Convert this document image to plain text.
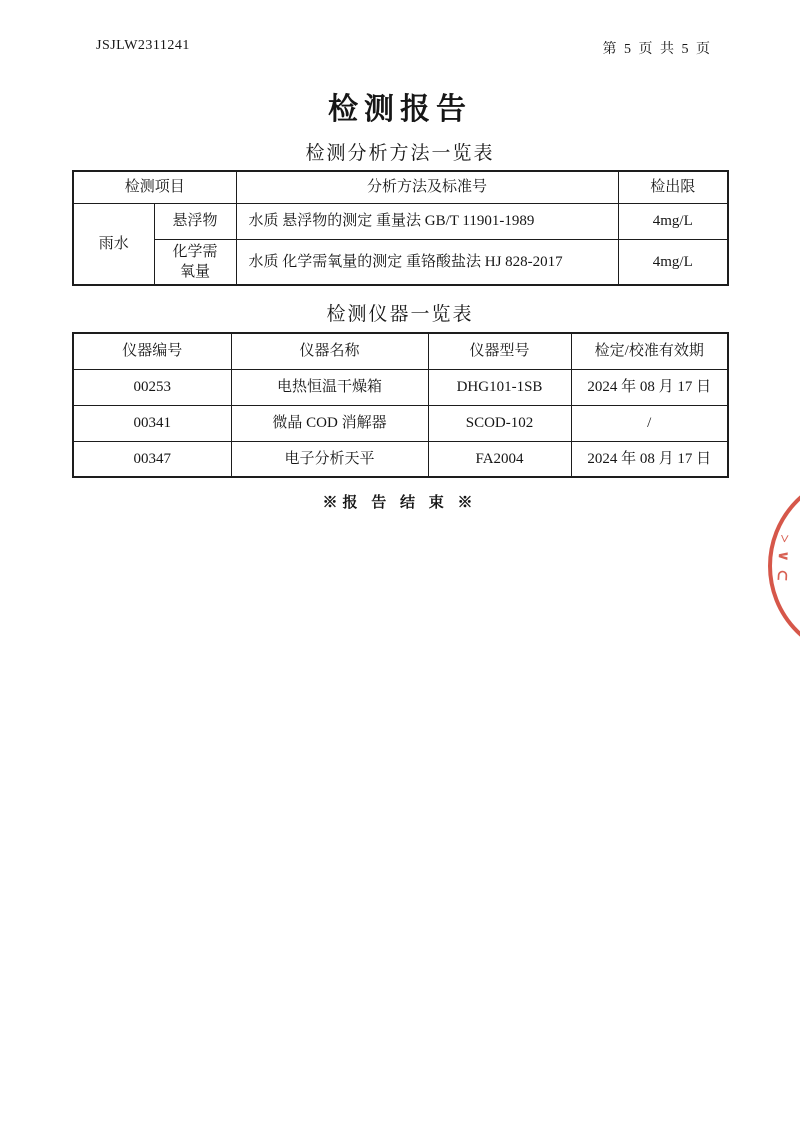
JSJLW2311241	第 5 页 共 5 页
检测报告
检测分析方法一览表
检测项目		分析方法及标准号	检出限
雨水	悬浮物	水质 悬浮物的测定 重量法 GB/T 11901-1989	4mg/L
	化学需氧量	水质 化学需氧量的测定 重铬酸盐法 HJ 828-2017	4mg/L
检测仪器一览表
仪器编号	仪器名称	仪器型号	检定/校准有效期
00253	电热恒温干燥箱	DHG101-1SB	2024 年 08 月 17 日
00341	微晶 COD 消解器	SCOD-102	/
00347	电子分析天平	FA2004	2024 年 08 月 17 日
※报 告 结 束 ※
>∨⊂
